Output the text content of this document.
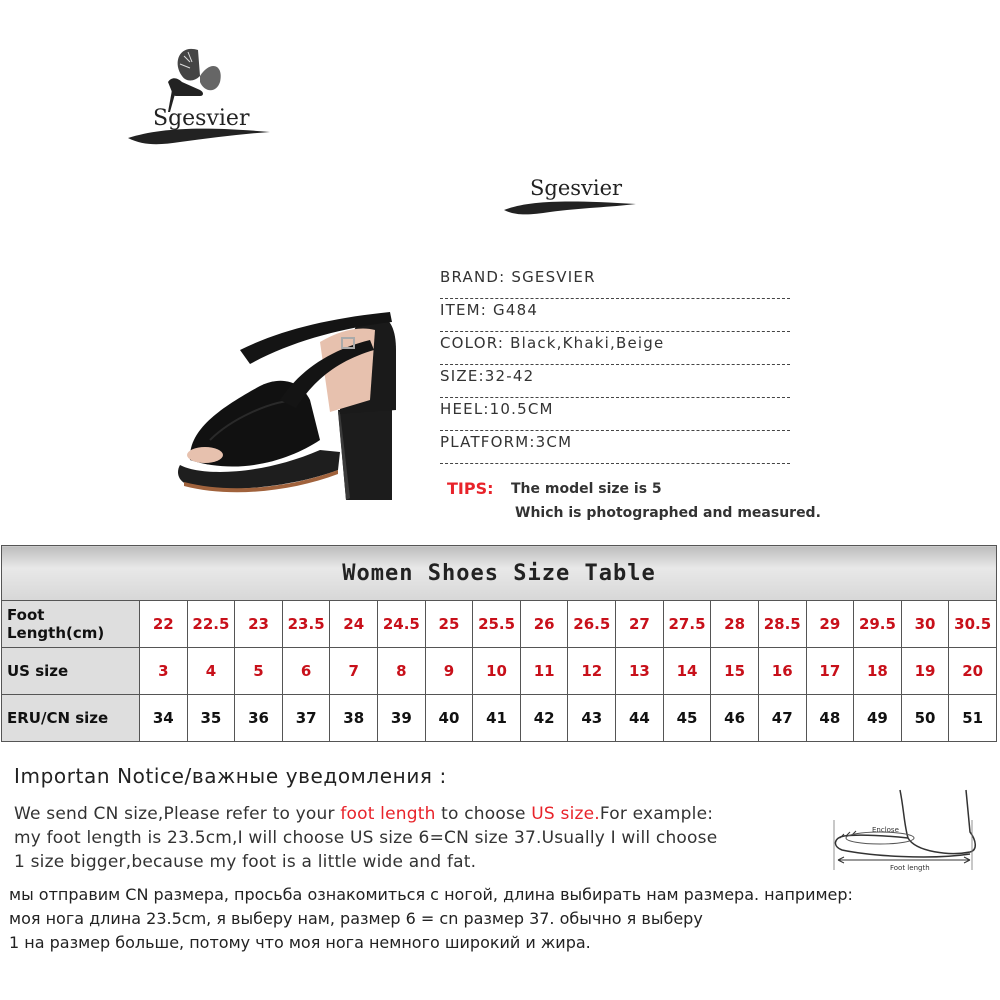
Sgesvier
Sgesvier
BRAND: SGESVIER
ITEM: G484
COLOR: Black,Khaki,Beige
SIZE:32-42
HEEL:10.5CM
PLATFORM:3CM
TIPS: The model size is 5
Which is photographed and measured.
Women Shoes Size Table																		
Foot Length(cm)	22	22.5	23	23.5	24	24.5	25	25.5	26	26.5	27	27.5	28	28.5	29	29.5	30	30.5
US size	3	4	5	6	7	8	9	10	11	12	13	14	15	16	17	18	19	20
ERU/CN size	34	35	36	37	38	39	40	41	42	43	44	45	46	47	48	49	50	51
Importan Notice/важные уведомления :
We send CN size,Please refer to your foot length to choose US size.For example:
my foot length is 23.5cm,I will choose US size 6=CN size 37.Usually I will choose
1 size bigger,because my foot is a little wide and fat.
мы отправим CN размера, просьба ознакомиться с ногой, длина выбирать нам размера. например:
моя нога длина 23.5cm, я выберу нам, размер 6 = cn размер 37. обычно я выберу
1 на размер больше, потому что моя нога немного широкий и жира.
Enclose
Foot length
